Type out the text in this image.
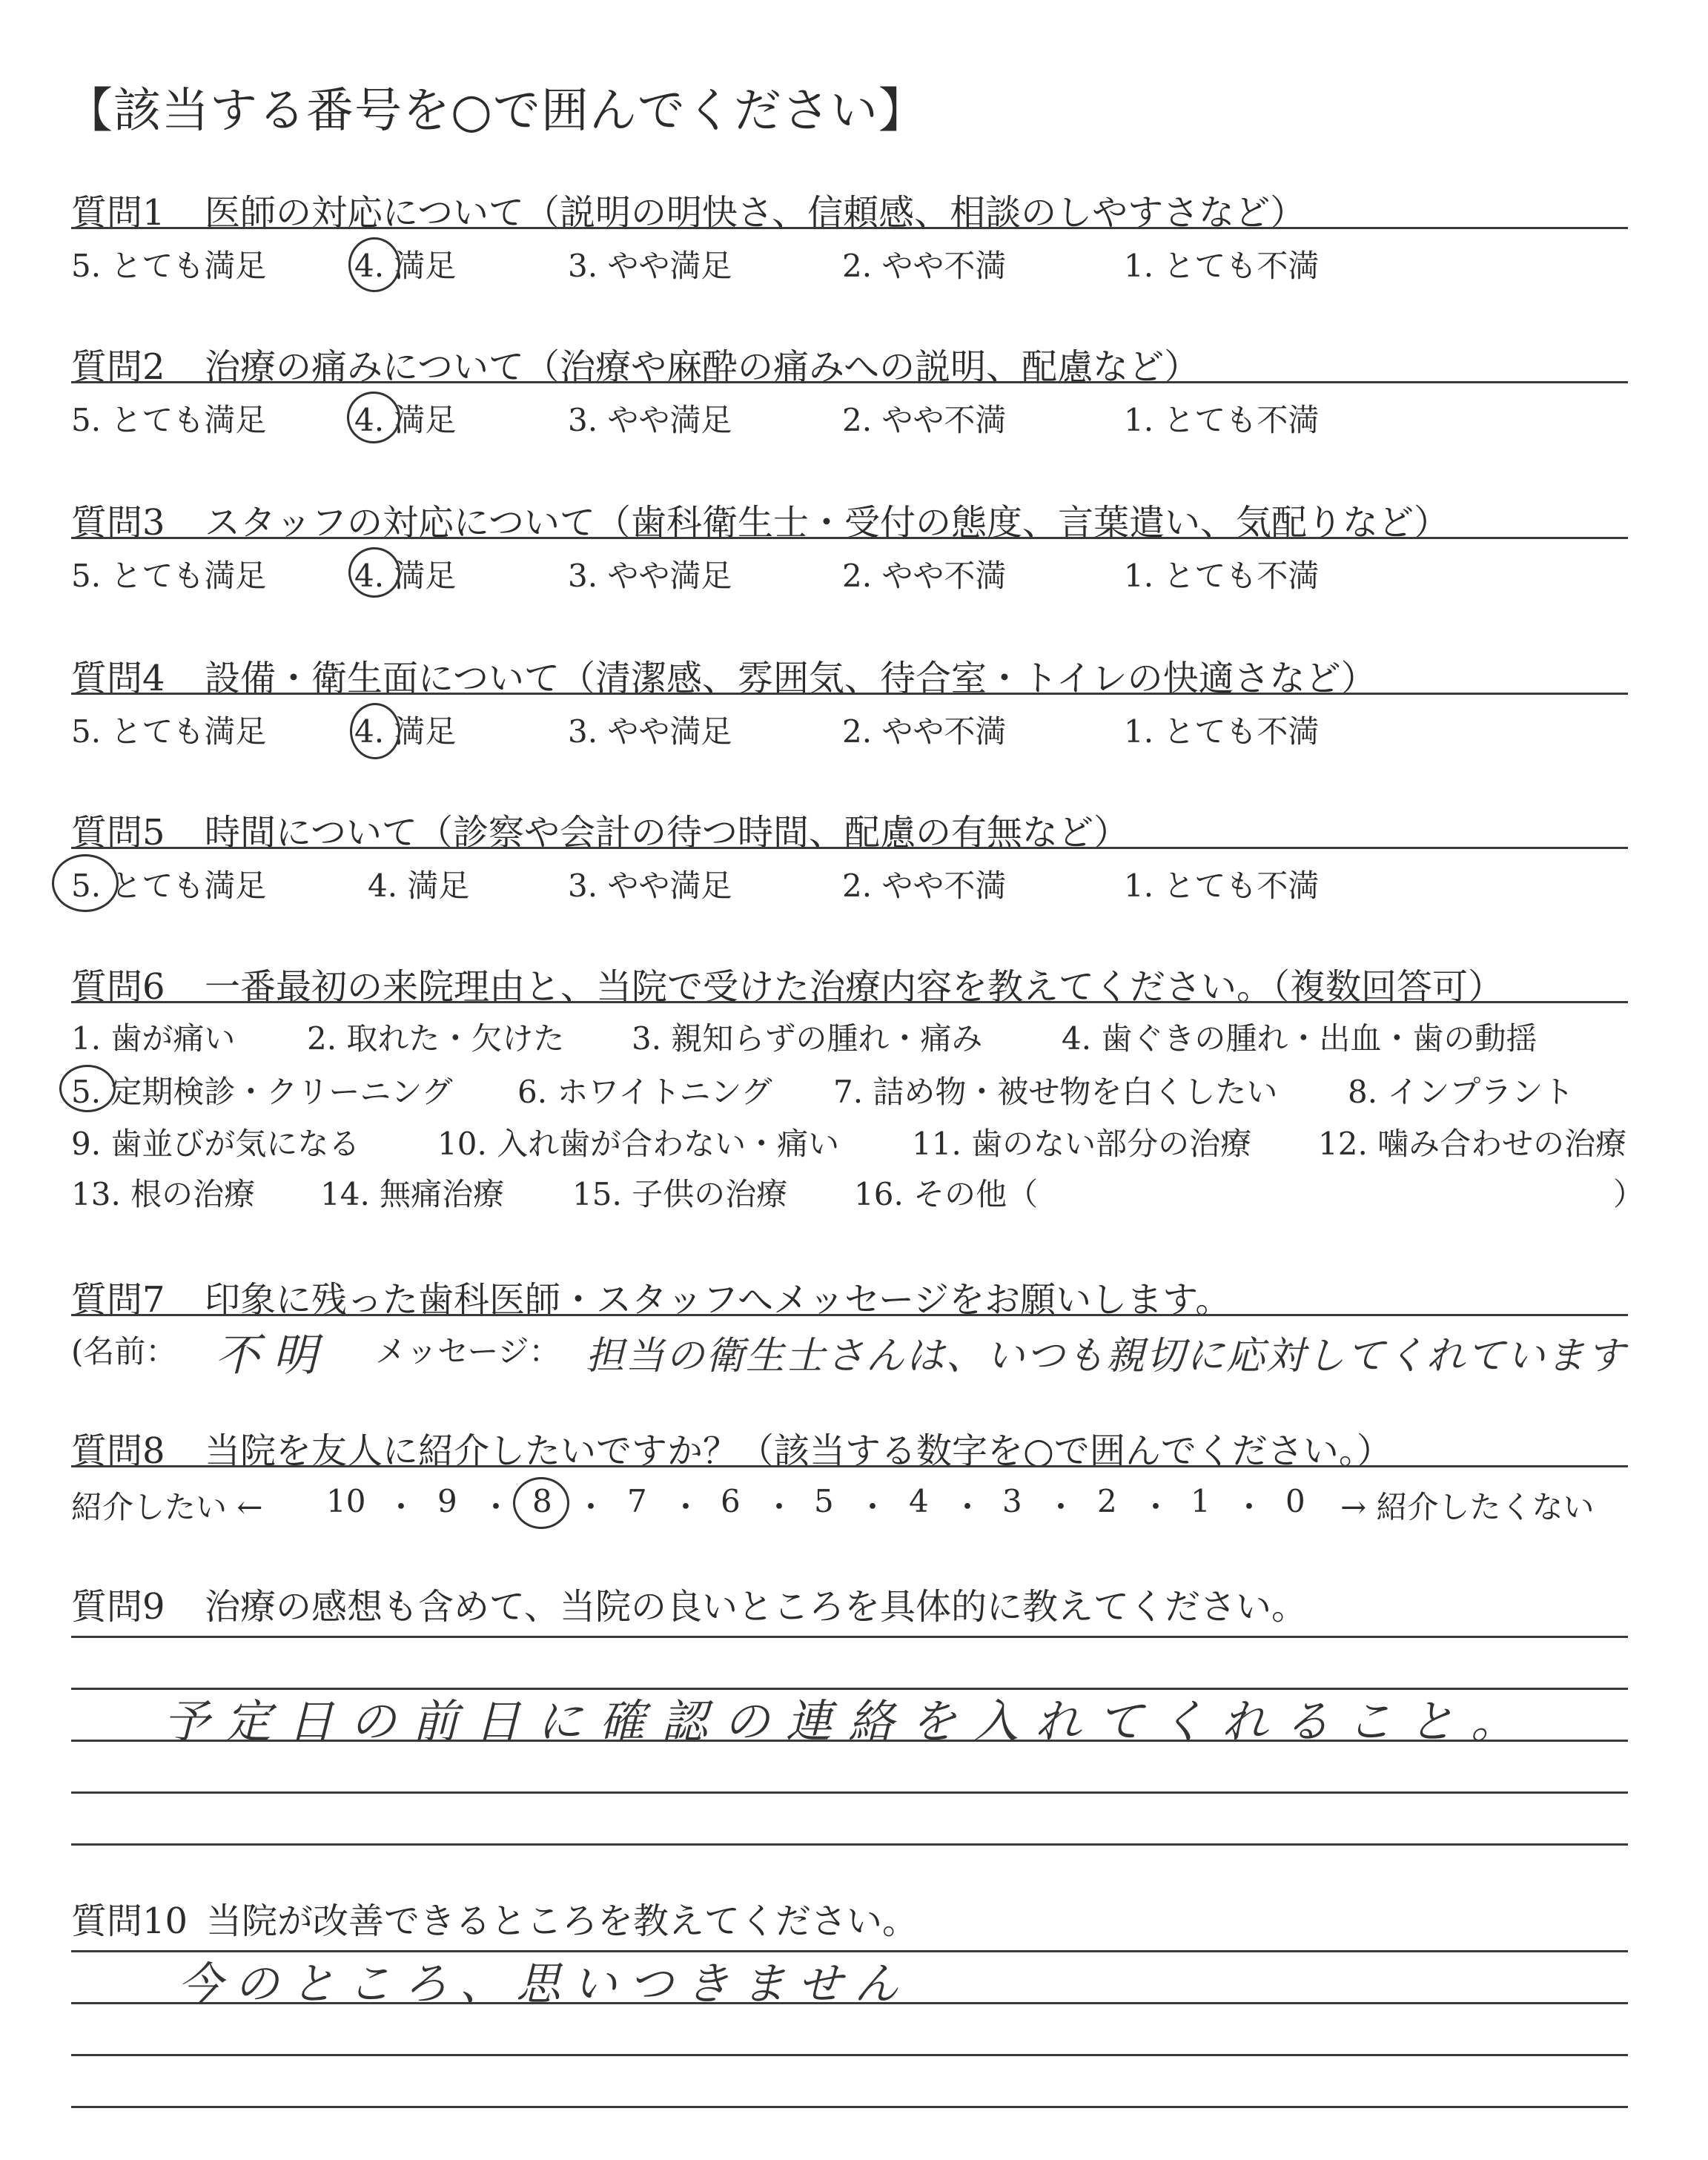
【該当する番号を○で囲んでください】
質問1 医師の対応について（説明の明快さ、信頼感、相談のしやすさなど）
5. とても満足	4. 満足	3. やや満足	2. やや不満	1. とても不満
質問2 治療の痛みについて（治療や麻酔の痛みへの説明、配慮など）
5. とても満足	4. 満足	3. やや満足	2. やや不満	1. とても不満
質問3 スタッフの対応について（歯科衛生士・受付の態度、言葉遣い、気配りなど）
5. とても満足	4. 満足	3. やや満足	2. やや不満	1. とても不満
質問4 設備・衛生面について（清潔感、雰囲気、待合室・トイレの快適さなど）
5. とても満足	4. 満足	3. やや満足	2. やや不満	1. とても不満
質問5 時間について（診察や会計の待つ時間、配慮の有無など）
5. とても満足	4. 満足	3. やや満足	2. やや不満	1. とても不満
質問6 一番最初の来院理由と、当院で受けた治療内容を教えてください。（複数回答可）
1. 歯が痛い 2. 取れた・欠けた 3. 親知らずの腫れ・痛み	4. 歯ぐきの腫れ・出血・歯の動揺
5. 定期検診・クリーニング 6. ホワイトニング 7. 詰め物・被せ物を白くしたい 8. インプラント
9. 歯並びが気になる 10. 入れ歯が合わない・痛い 11. 歯のない部分の治療 12. 噛み合わせの治療
13. 根の治療 14. 無痛治療 15. 子供の治療 16. その他（	）
質問7 印象に残った歯科医師・スタッフへメッセージをお願いします。
(名前： 不明 メッセージ： 担当の衛生士さんは、いつも親切に応対してくれています
質問8 当院を友人に紹介したいですか？（該当する数字を○で囲んでください。）
紹介したい ← 10 ・ 9 ・ 8 ・ 7 ・ 6 ・ 5 ・ 4 ・ 3 ・ 2 ・ 1 ・ 0 → 紹介したくない
質問9 治療の感想も含めて、当院の良いところを具体的に教えてください。
予定日の前日に確認の連絡を入れてくれること。
質問10 当院が改善できるところを教えてください。
今のところ、思いつきません
